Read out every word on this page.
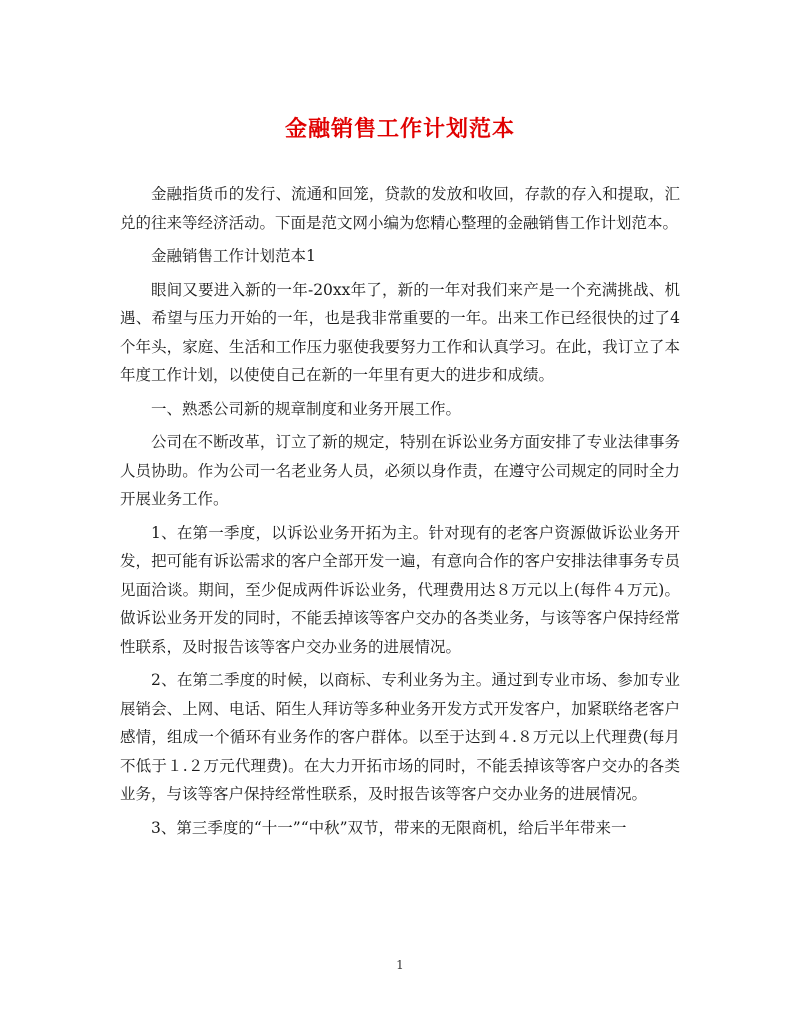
金融销售工作计划范本

金融指货币的发行、流通和回笼，贷款的发放和收回，存款的存入和提取，汇兑的往来等经济活动。下面是范文网小编为您精心整理的金融销售工作计划范本。

金融销售工作计划范本1

眼间又要进入新的一年-20xx年了，新的一年对我们来产是一个充满挑战、机遇、希望与压力开始的一年，也是我非常重要的一年。出来工作已经很快的过了4个年头，家庭、生活和工作压力驱使我要努力工作和认真学习。在此，我订立了本年度工作计划，以使使自己在新的一年里有更大的进步和成绩。

一、熟悉公司新的规章制度和业务开展工作。

公司在不断改革，订立了新的规定，特别在诉讼业务方面安排了专业法律事务人员协助。作为公司一名老业务人员，必须以身作责，在遵守公司规定的同时全力开展业务工作。

1、在第一季度，以诉讼业务开拓为主。针对现有的老客户资源做诉讼业务开发，把可能有诉讼需求的客户全部开发一遍，有意向合作的客户安排法律事务专员见面洽谈。期间，至少促成两件诉讼业务，代理费用达８万元以上(每件４万元)。做诉讼业务开发的同时，不能丢掉该等客户交办的各类业务，与该等客户保持经常性联系，及时报告该等客户交办业务的进展情况。

2、在第二季度的时候，以商标、专利业务为主。通过到专业市场、参加专业展销会、上网、电话、陌生人拜访等多种业务开发方式开发客户，加紧联络老客户感情，组成一个循环有业务作的客户群体。以至于达到４.８万元以上代理费(每月不低于１.２万元代理费)。在大力开拓市场的同时，不能丢掉该等客户交办的各类业务，与该等客户保持经常性联系，及时报告该等客户交办业务的进展情况。

3、第三季度的“十一”“中秋”双节，带来的无限商机，给后半年带来一

1
